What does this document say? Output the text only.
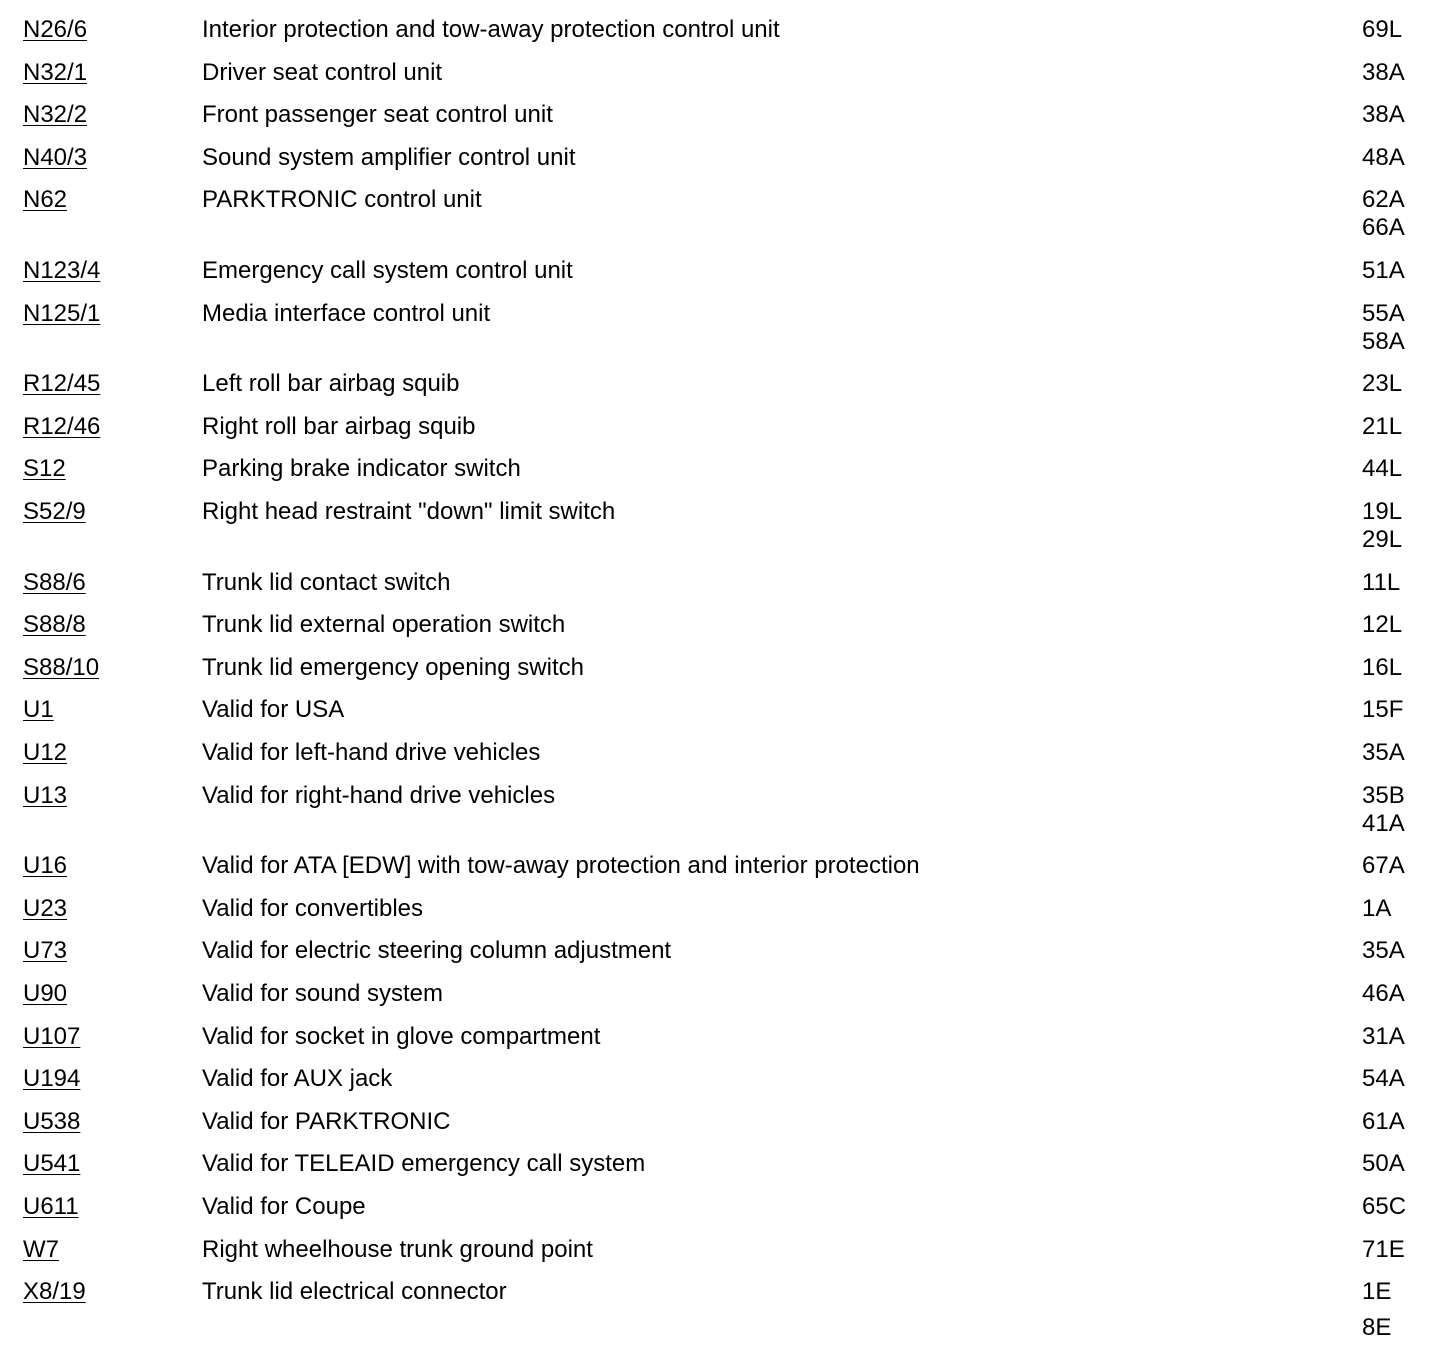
N26/6	Interior protection and tow-away protection control unit	69L
N32/1	Driver seat control unit	38A
N32/2	Front passenger seat control unit	38A
N40/3	Sound system amplifier control unit	48A
N62	PARKTRONIC control unit	62A
66A
N123/4	Emergency call system control unit	51A
N125/1	Media interface control unit	55A
58A
R12/45	Left roll bar airbag squib	23L
R12/46	Right roll bar airbag squib	21L
S12	Parking brake indicator switch	44L
S52/9	Right head restraint "down" limit switch	19L
29L
S88/6	Trunk lid contact switch	11L
S88/8	Trunk lid external operation switch	12L
S88/10	Trunk lid emergency opening switch	16L
U1	Valid for USA	15F
U12	Valid for left-hand drive vehicles	35A
U13	Valid for right-hand drive vehicles	35B
41A
U16	Valid for ATA [EDW] with tow-away protection and interior protection	67A
U23	Valid for convertibles	1A
U73	Valid for electric steering column adjustment	35A
U90	Valid for sound system	46A
U107	Valid for socket in glove compartment	31A
U194	Valid for AUX jack	54A
U538	Valid for PARKTRONIC	61A
U541	Valid for TELEAID emergency call system	50A
U611	Valid for Coupe	65C
W7	Right wheelhouse trunk ground point	71E
X8/19	Trunk lid electrical connector	1E
8E
